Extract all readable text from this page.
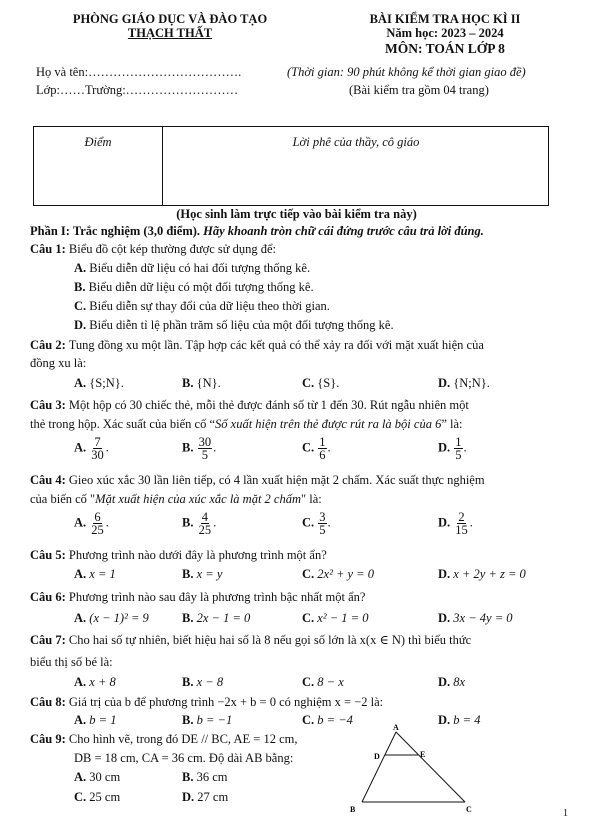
PHÒNG GIÁO DỤC VÀ ĐÀO TẠO
THẠCH THẤT
BÀI KIỂM TRA HỌC KÌ II
Năm học: 2023 – 2024
MÔN: TOÁN LỚP 8
Họ và tên:……………………………….
Lớp:……Trường:………………………
(Thời gian: 90 phút không kể thời gian giao đề)
(Bài kiểm tra gồm 04 trang)
Điểm	Lời phê của thầy, cô giáo
(Học sinh làm trực tiếp vào bài kiểm tra này)
Phần I: Trắc nghiệm (3,0 điểm). Hãy khoanh tròn chữ cái đứng trước câu trả lời đúng.
Câu 1: Biểu đồ cột kép thường được sử dụng để:
A. Biểu diễn dữ liệu có hai đối tượng thống kê.
B. Biểu diễn dữ liệu có một đối tượng thống kê.
C. Biểu diễn sự thay đổi của dữ liệu theo thời gian.
D. Biểu diễn tỉ lệ phần trăm số liệu của một đối tượng thống kê.
Câu 2: Tung đồng xu một lần. Tập hợp các kết quả có thể xảy ra đối với mặt xuất hiện của
đồng xu là:
A. {S;N}.	B. {N}.	C. {S}.	D. {N;N}.
Câu 3: Một hộp có 30 chiếc thẻ, mỗi thẻ được đánh số từ 1 đến 30. Rút ngẫu nhiên một
thẻ trong hộp. Xác suất của biến cố “Số xuất hiện trên thẻ được rút ra là bội của 6” là:
A. $\frac{7}{30}$ .	B. $\frac{30}{5}$ .	C. $\frac{1}{6}$ .	D. $\frac{1}{5}$ .
Câu 4: Gieo xúc xắc 30 lần liên tiếp, có 4 lần xuất hiện mặt 2 chấm. Xác suất thực nghiệm
của biến cố "Mặt xuất hiện của xúc xắc là mặt 2 chấm" là:
A. $\frac{6}{25}$ .	B. $\frac{4}{25}$ .	C. $\frac{3}{5}$ .	D. $\frac{2}{15}$ .
Câu 5: Phương trình nào dưới đây là phương trình một ẩn?
A. x = 1	B. x = y	C. 2x² + y = 0	D. x + 2y + z = 0
Câu 6: Phương trình nào sau đây là phương trình bậc nhất một ẩn?
A. (x − 1)² = 9	B. 2x − 1 = 0	C. x² − 1 = 0	D. 3x − 4y = 0
Câu 7: Cho hai số tự nhiên, biết hiệu hai số là 8 nếu gọi số lớn là x(x ∈ N) thì biểu thức
biểu thị số bé là:
A. x + 8	B. x − 8	C. 8 − x	D. 8x
Câu 8: Giá trị của b để phương trình −2x + b = 0 có nghiệm x = −2 là:
A. b = 1	B. b = −1	C. b = −4	D. b = 4
Câu 9: Cho hình vẽ, trong đó DE // BC, AE = 12 cm,
DB = 18 cm, CA = 36 cm. Độ dài AB bằng:
A. 30 cm	B. 36 cm
C. 25 cm	D. 27 cm
A
D	E
B	C	1
